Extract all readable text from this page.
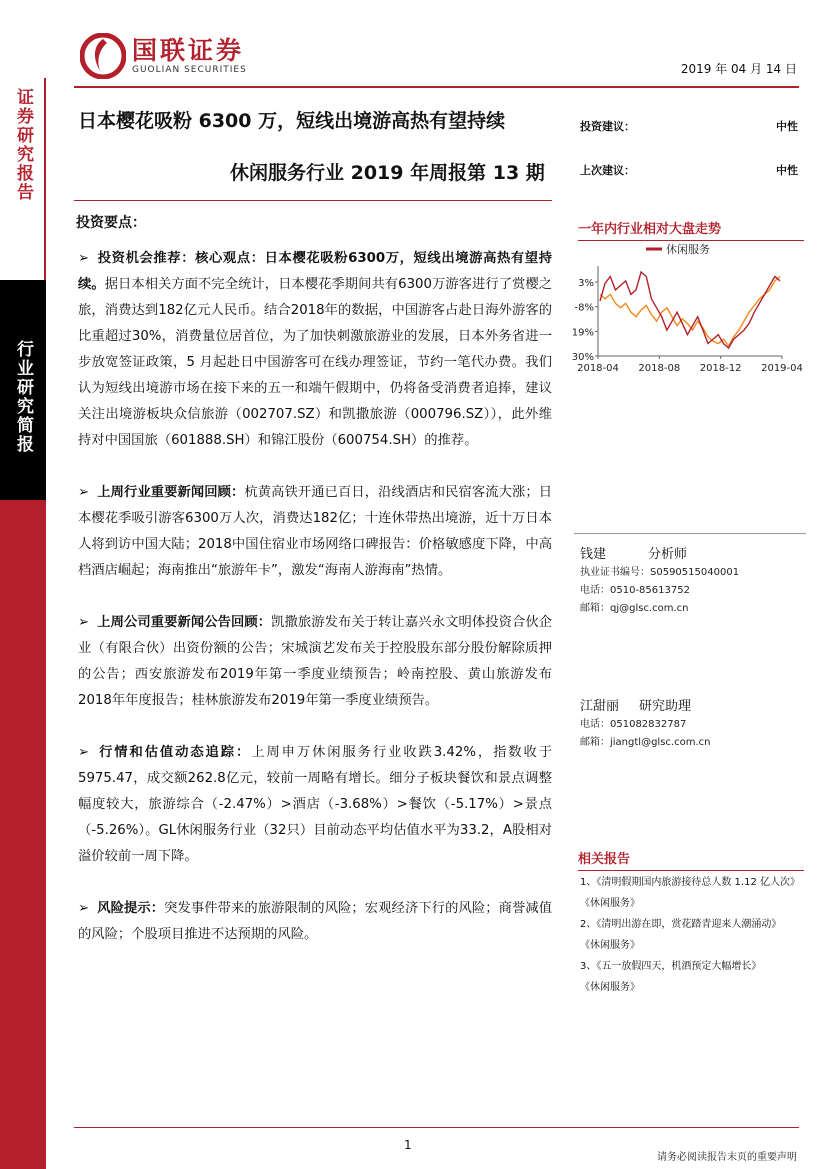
证券研究报告
行业研究简报
国联证券
GUOLIAN SECURITIES	2019 年 04 月 14 日
日本樱花吸粉 6300 万，短线出境游高热有望持续
休闲服务行业 2019 年周报第 13 期
投资建议：	中性
上次建议：	中性
投资要点：
➢ 投资机会推荐：核心观点：日本樱花吸粉6300万，短线出境游高热有望持续。据日本相关方面不完全统计，日本樱花季期间共有6300万游客进行了赏樱之旅，消费达到182亿元人民币。结合2018年的数据，中国游客占赴日海外游客的比重超过30%，消费量位居首位，为了加快刺激旅游业的发展，日本外务省进一步放宽签证政策，5 月起赴日中国游客可在线办理签证，节约一笔代办费。我们认为短线出境游市场在接下来的五一和端午假期中，仍将备受消费者追捧，建议关注出境游板块众信旅游（002707.SZ）和凯撒旅游（000796.SZ）），此外维持对中国国旅（601888.SH）和锦江股份（600754.SH）的推荐。
➢ 上周行业重要新闻回顾：杭黄高铁开通已百日，沿线酒店和民宿客流大涨；日本樱花季吸引游客6300万人次，消费达182亿；十连休带热出境游，近十万日本人将到访中国大陆；2018中国住宿业市场网络口碑报告：价格敏感度下降，中高档酒店崛起；海南推出“旅游年卡”，激发“海南人游海南”热情。
➢ 上周公司重要新闻公告回顾：凯撒旅游发布关于转让嘉兴永文明体投资合伙企业（有限合伙）出资份额的公告；宋城演艺发布关于控股股东部分股份解除质押的公告；西安旅游发布2019年第一季度业绩预告；岭南控股、黄山旅游发布2018年年度报告；桂林旅游发布2019年第一季度业绩预告。
➢ 行情和估值动态追踪：上周申万休闲服务行业收跌3.42%，指数收于5975.47，成交额262.8亿元，较前一周略有增长。细分子板块餐饮和景点调整幅度较大，旅游综合（-2.47%）>酒店（-3.68%）>餐饮（-5.17%）>景点（-5.26%）。GL休闲服务行业（32只）目前动态平均估值水平为33.2，A股相对溢价较前一周下降。
➢ 风险提示：突发事件带来的旅游限制的风险；宏观经济下行的风险；商誉减值的风险；个股项目推进不达预期的风险。
一年内行业相对大盘走势
休闲服务
3%
-8%
19%
30%
2018-04 2018-08 2018-12 2019-04
钱建	分析师
执业证书编号：S0590515040001
电话：0510-85613752
邮箱：qj@glsc.com.cn
江甜丽 研究助理
电话：051082832787
邮箱：jiangtl@glsc.com.cn
相关报告
1、《清明假期国内旅游接待总人数 1.12 亿人次》
《休闲服务》
2、《清明出游在即，赏花踏青迎来人潮涌动》
《休闲服务》
3、《五一放假四天，机酒预定大幅增长》
《休闲服务》
1
请务必阅读报告末页的重要声明
